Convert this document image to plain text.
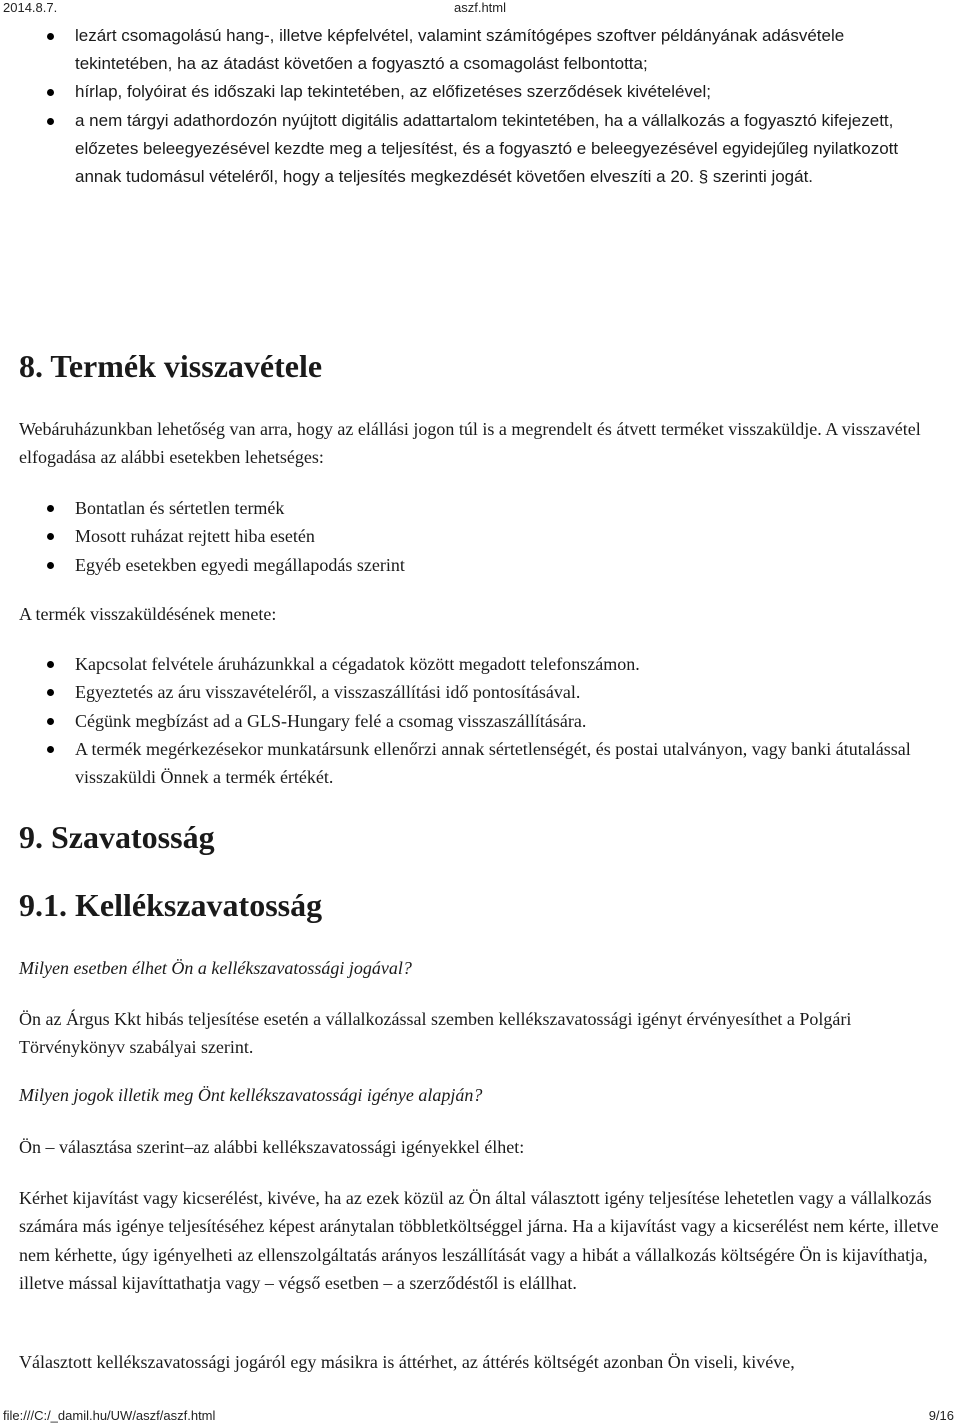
2014.8.7.	aszf.html
lezárt csomagolású hang-, illetve képfelvétel, valamint számítógépes szoftver példányának adásvétele tekintetében, ha az átadást követően a fogyasztó a csomagolást felbontotta;
hírlap, folyóirat és időszaki lap tekintetében, az előfizetéses szerződések kivételével;
a nem tárgyi adathordozón nyújtott digitális adattartalom tekintetében, ha a vállalkozás a fogyasztó kifejezett, előzetes beleegyezésével kezdte meg a teljesítést, és a fogyasztó e beleegyezésével egyidejűleg nyilatkozott annak tudomásul vételéről, hogy a teljesítés megkezdését követően elveszíti a 20. § szerinti jogát.
8. Termék visszavétele

Webáruházunkban lehetőség van arra, hogy az elállási jogon túl is a megrendelt és átvett terméket visszaküldje. A visszavétel elfogadása az alábbi esetekben lehetséges:

Bontatlan és sértetlen termék
Mosott ruházat rejtett hiba esetén
Egyéb esetekben egyedi megállapodás szerint

A termék visszaküldésének menete:

Kapcsolat felvétele áruházunkkal a cégadatok között megadott telefonszámon.
Egyeztetés az áru visszavételéről, a visszaszállítási idő pontosításával.
Cégünk megbízást ad a GLS-Hungary felé a csomag visszaszállítására.
A termék megérkezésekor munkatársunk ellenőrzi annak sértetlenségét, és postai utalványon, vagy banki átutalással visszaküldi Önnek a termék értékét.
9. Szavatosság
9.1. Kellékszavatosság

Milyen esetben élhet Ön a kellékszavatossági jogával?

Ön az Árgus Kkt hibás teljesítése esetén a vállalkozással szemben kellékszavatossági igényt érvényesíthet a Polgári Törvénykönyv szabályai szerint.

Milyen jogok illetik meg Önt kellékszavatossági igénye alapján?

Ön – választása szerint–az alábbi kellékszavatossági igényekkel élhet:

Kérhet kijavítást vagy kicserélést, kivéve, ha az ezek közül az Ön által választott igény teljesítése lehetetlen vagy a vállalkozás számára más igénye teljesítéséhez képest aránytalan többletköltséggel járna. Ha a kijavítást vagy a kicserélést nem kérte, illetve nem kérhette, úgy igényelheti az ellenszolgáltatás arányos leszállítását vagy a hibát a vállalkozás költségére Ön is kijavíthatja, illetve mással kijavíttathatja vagy – végső esetben – a szerződéstől is elállhat.

Választott kellékszavatossági jogáról egy másikra is áttérhet, az áttérés költségét azonban Ön viseli, kivéve,

file:///C:/_damil.hu/UW/aszf/aszf.html	9/16
